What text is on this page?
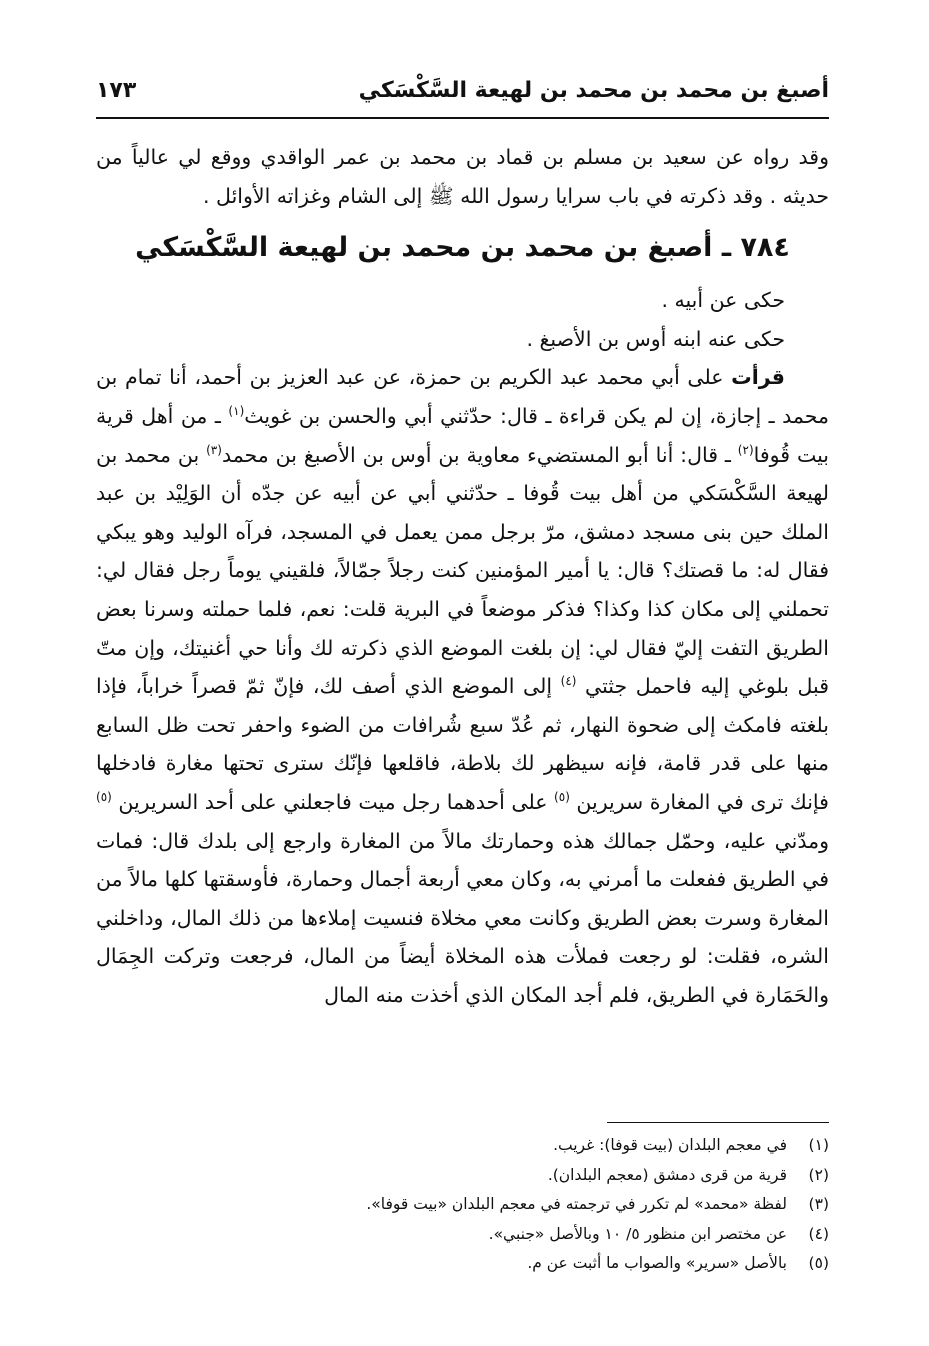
أصبغ بن محمد بن محمد بن لهيعة السَّكْسَكي
١٧٣

وقد رواه عن سعيد بن مسلم بن قماد بن محمد بن عمر الواقدي ووقع لي عالياً من حديثه . وقد ذكرته في باب سرايا رسول الله ﷺ إلى الشام وغزاته الأوائل .

٧٨٤ ـ أصبغ بن محمد بن محمد بن لهيعة السَّكْسَكي

حكى عن أبيه .

حكى عنه ابنه أوس بن الأصبغ .

قرأت على أبي محمد عبد الكريم بن حمزة، عن عبد العزيز بن أحمد، أنا تمام بن محمد ـ إجازة، إن لم يكن قراءة ـ قال: حدّثني أبي والحسن بن غويث$^{(١)}$ ـ من أهل قرية بيت قُوفا$^{(٢)}$ ـ قال: أنا أبو المستضيء معاوية بن أوس بن الأصبغ بن محمد$^{(٣)}$ بن محمد بن لهيعة السَّكْسَكي من أهل بيت قُوفا ـ حدّثني أبي عن أبيه عن جدّه أن الوَلِيْد بن عبد الملك حين بنى مسجد دمشق، مرّ برجل ممن يعمل في المسجد، فرآه الوليد وهو يبكي فقال له: ما قصتك؟ قال: يا أمير المؤمنين كنت رجلاً جمّالاً، فلقيني يوماً رجل فقال لي: تحملني إلى مكان كذا وكذا؟ فذكر موضعاً في البرية قلت: نعم، فلما حملته وسرنا بعض الطريق التفت إليّ فقال لي: إن بلغت الموضع الذي ذكرته لك وأنا حي أغنيتك، وإن متّ قبل بلوغي إليه فاحمل جثتي $^{(٤)}$ إلى الموضع الذي أصف لك، فإنّ ثمّ قصراً خراباً، فإذا بلغته فامكث إلى ضحوة النهار، ثم عُدّ سبع شُرافات من الضوء واحفر تحت ظل السابع منها على قدر قامة، فإنه سيظهر لك بلاطة، فاقلعها فإنّك سترى تحتها مغارة فادخلها فإنك ترى في المغارة سريرين $^{(٥)}$ على أحدهما رجل ميت فاجعلني على أحد السريرين $^{(٥)}$ ومدّني عليه، وحمّل جمالك هذه وحمارتك مالاً من المغارة وارجع إلى بلدك قال: فمات في الطريق ففعلت ما أمرني به، وكان معي أربعة أجمال وحمارة، فأوسقتها كلها مالاً من المغارة وسرت بعض الطريق وكانت معي مخلاة فنسيت إملاءها من ذلك المال، وداخلني الشره، فقلت: لو رجعت فملأت هذه المخلاة أيضاً من المال، فرجعت وتركت الجِمَال والحَمَارة في الطريق، فلم أجد المكان الذي أخذت منه المال

(١)في معجم البلدان (بيت قوفا): غريب.
(٢)قرية من قرى دمشق (معجم البلدان).
(٣)لفظة «محمد» لم تكرر في ترجمته في معجم البلدان «بيت قوفا».
(٤)عن مختصر ابن منظور ٥/ ١٠ وبالأصل «جنبي».
(٥)بالأصل «سرير» والصواب ما أثبت عن م.
